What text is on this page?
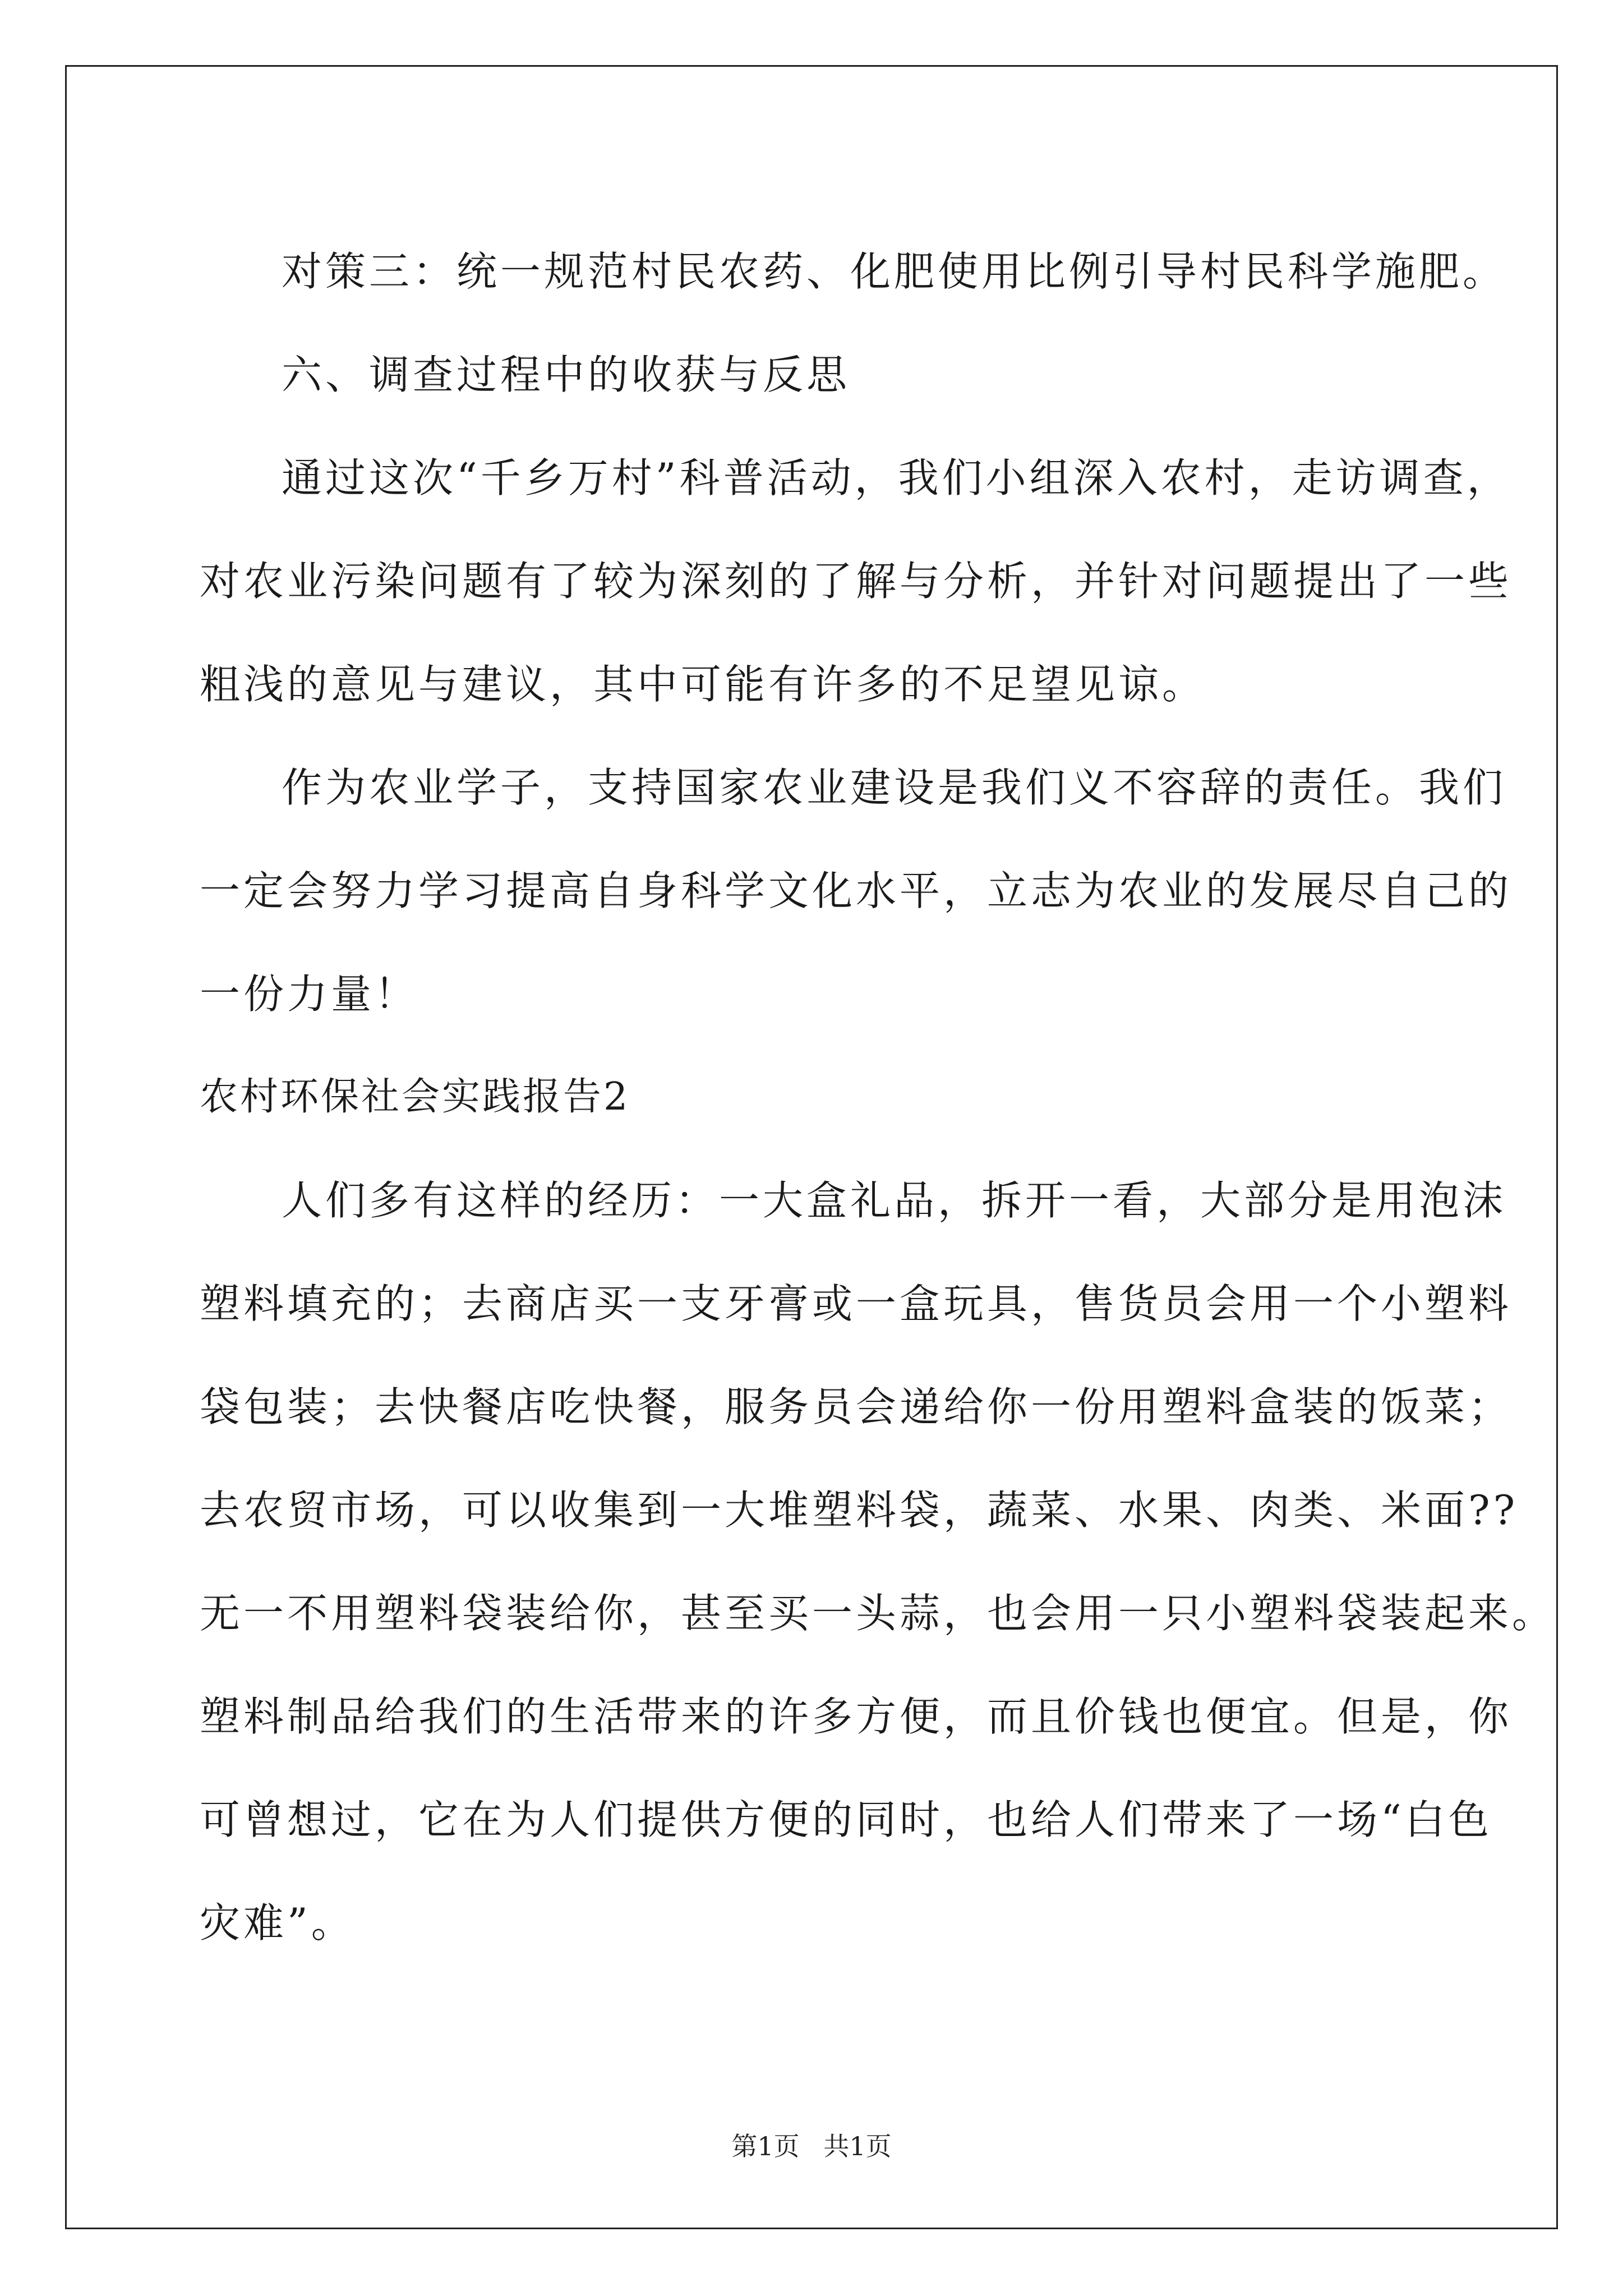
对策三：统一规范村民农药、化肥使用比例引导村民科学施肥。
六、调查过程中的收获与反思
通过这次“千乡万村”科普活动，我们小组深入农村，走访调查，
对农业污染问题有了较为深刻的了解与分析，并针对问题提出了一些
粗浅的意见与建议，其中可能有许多的不足望见谅。
作为农业学子，支持国家农业建设是我们义不容辞的责任。我们
一定会努力学习提高自身科学文化水平，立志为农业的发展尽自己的
一份力量！
农村环保社会实践报告2
人们多有这样的经历：一大盒礼品，拆开一看，大部分是用泡沫
塑料填充的；去商店买一支牙膏或一盒玩具，售货员会用一个小塑料
袋包装；去快餐店吃快餐，服务员会递给你一份用塑料盒装的饭菜；
去农贸市场，可以收集到一大堆塑料袋，蔬菜、水果、肉类、米面??
无一不用塑料袋装给你，甚至买一头蒜，也会用一只小塑料袋装起来。
塑料制品给我们的生活带来的许多方便，而且价钱也便宜。但是，你
可曾想过，它在为人们提供方便的同时，也给人们带来了一场“白色
灾难”。
第1页 共1页
